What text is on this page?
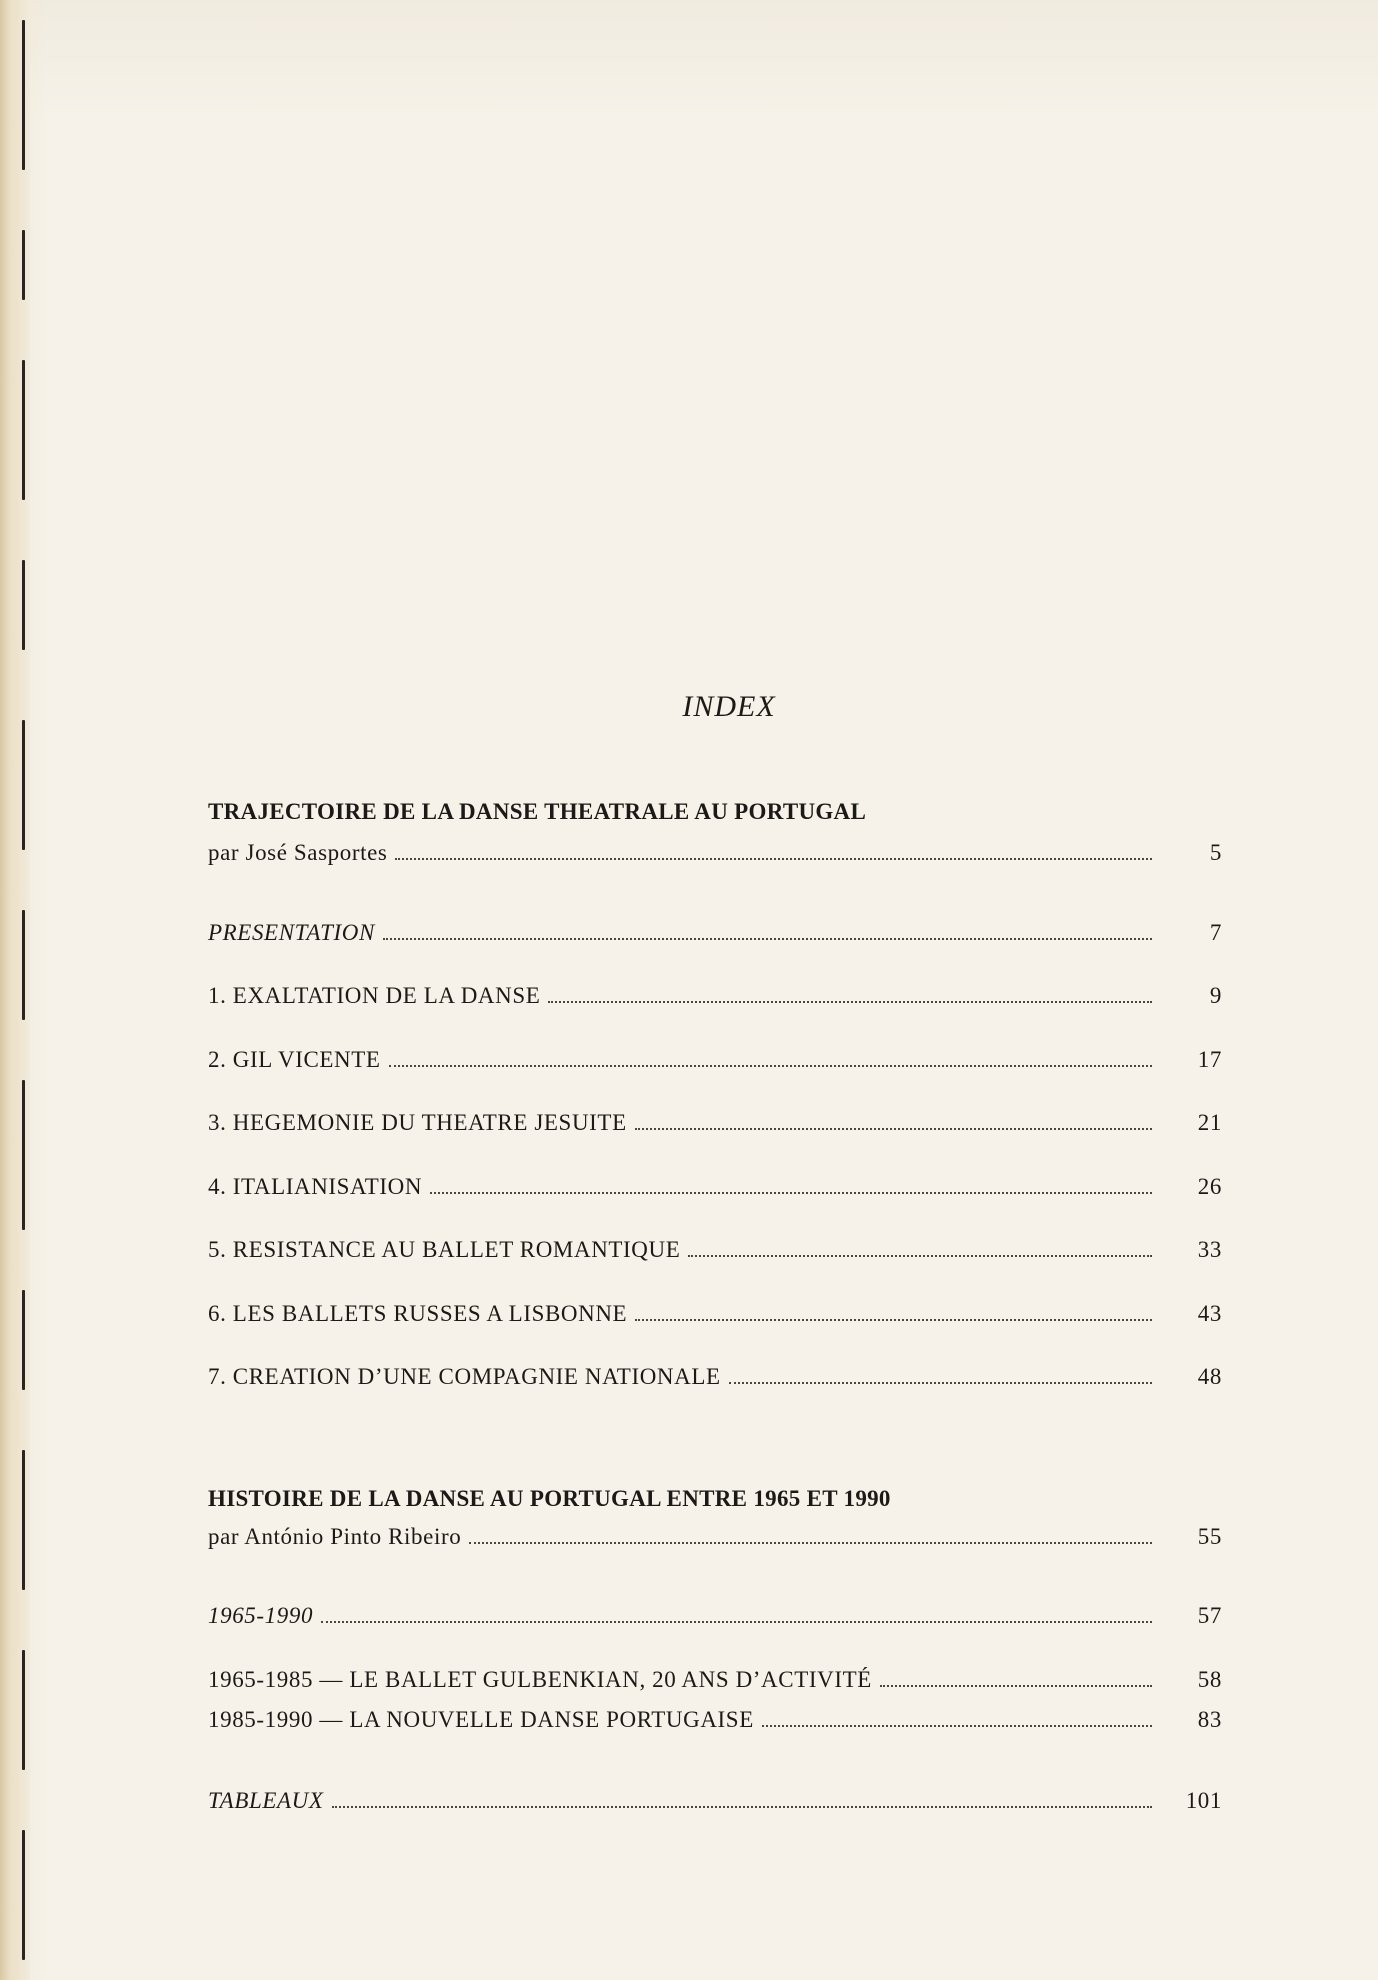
INDEX
TRAJECTOIRE DE LA DANSE THEATRALE AU PORTUGAL
par José Sasportes	5
PRESENTATION	7
1. EXALTATION DE LA DANSE	9
2. GIL VICENTE	17
3. HEGEMONIE DU THEATRE JESUITE	21
4. ITALIANISATION	26
5. RESISTANCE AU BALLET ROMANTIQUE	33
6. LES BALLETS RUSSES A LISBONNE	43
7. CREATION D’UNE COMPAGNIE NATIONALE	48
HISTOIRE DE LA DANSE AU PORTUGAL ENTRE 1965 ET 1990
par António Pinto Ribeiro	55
1965-1990	57
1965-1985 — LE BALLET GULBENKIAN, 20 ANS D’ACTIVITÉ	58
1985-1990 — LA NOUVELLE DANSE PORTUGAISE	83
TABLEAUX	101
